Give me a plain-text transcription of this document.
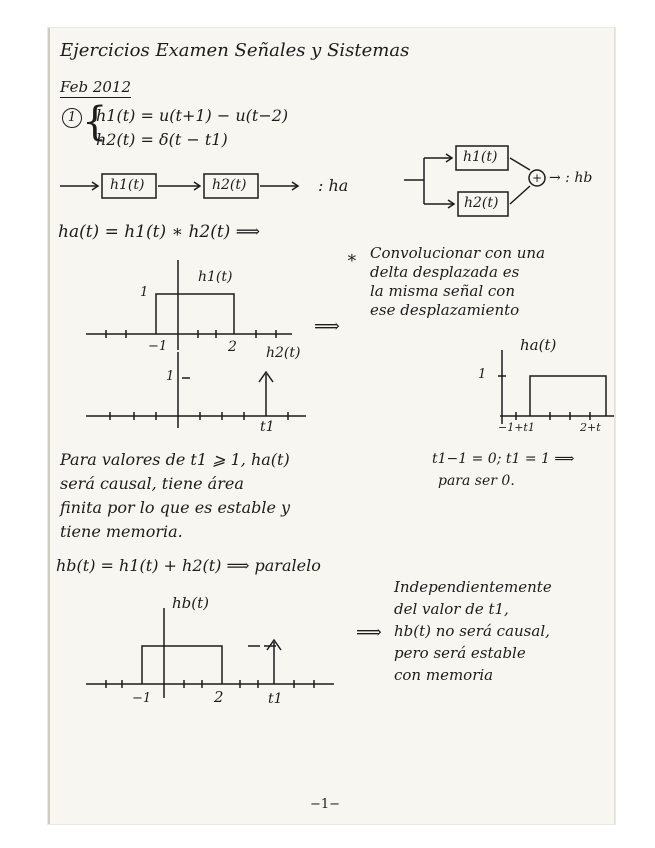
Ejercicios Examen Señales y Sistemas
Feb 2012
1 {
h1(t) = u(t+1) − u(t−2)
h2(t) = δ(t − t1)
h1(t)	h2(t)	: ha
h1(t)
h2(t)
+ → : hb
ha(t) = h1(t) ∗ h2(t) ⟹
∗ Convolucionar con una
delta desplazada es
la misma señal con
ese desplazamiento
h1(t)
1
−1	2 h2(t)
1
t1
⟹
ha(t)
1
−1+t1	2+t
Para valores de t1 ⩾ 1, ha(t)
será causal, tiene área
finita por lo que es estable y
tiene memoria.
t1−1 = 0; t1 = 1 ⟹
para ser 0.
hb(t) = h1(t) + h2(t) ⟹ paralelo
hb(t)
−1	2	t1
⟹
Independientemente
del valor de t1,
hb(t) no será causal,
pero será estable
con memoria
−1−
